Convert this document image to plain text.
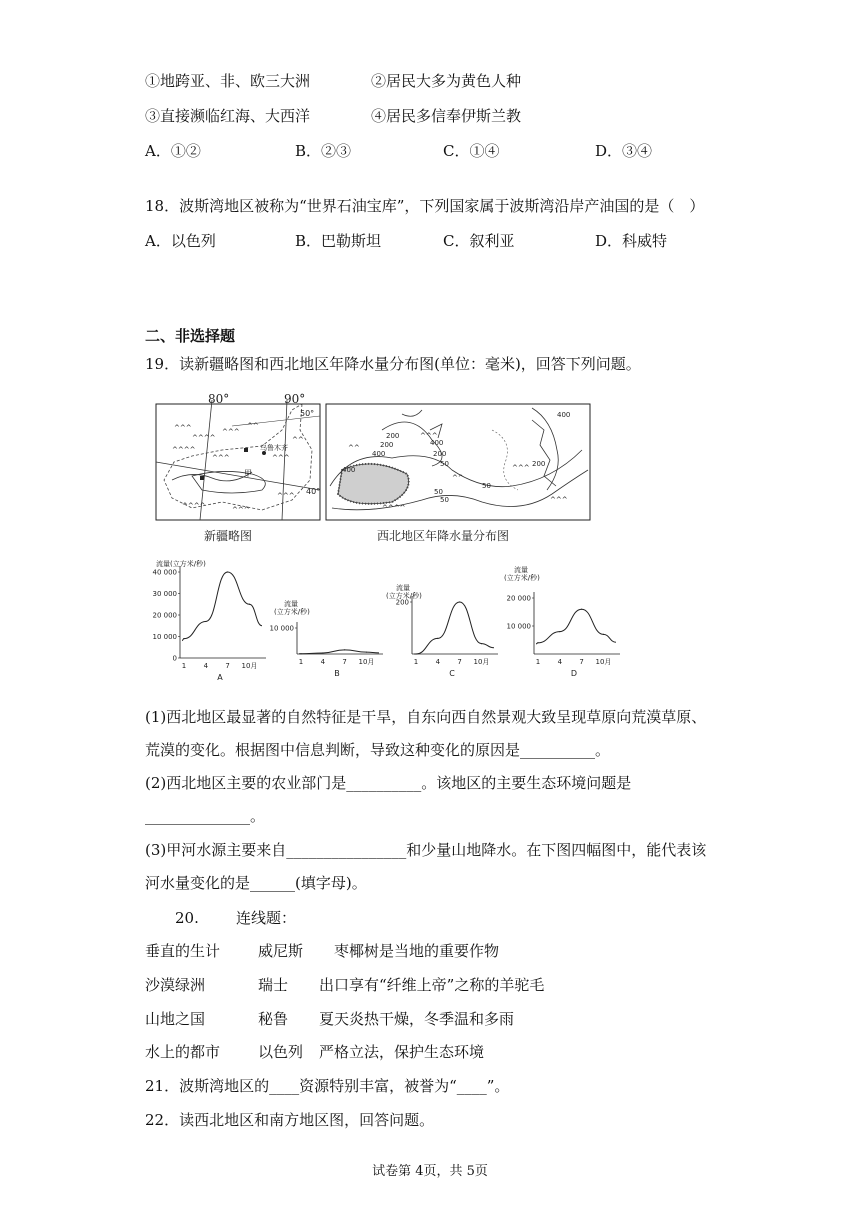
①地跨亚、非、欧三大洲	②居民大多为黄色人种
③直接濒临红海、大西洋	④居民多信奉伊斯兰教
A．①②	B．②③	C．①④	D．③④
18．波斯湾地区被称为“世界石油宝库”，下列国家属于波斯湾沿岸产油国的是（　）
A．以色列	B．巴勒斯坦	C．叙利亚	D．科威特
二、非选择题
19．读新疆略图和西北地区年降水量分布图(单位：毫米)，回答下列问题。
^^^
^^^^
^^^
^^
^^^^
^^^	^^^
^^^^	^^^
^^^
^^
80°	90°
50°
40°
乌鲁木齐
甲
新疆略图
^^^
^^
^^^^
^^^
^^^
^^
400
200
200	400
400	200
50
50
400
50
50
200
西北地区年降水量分布图
流量(立方米/秒)
0
10 000
20 000
30 000
40 000
1 4 7 10月
A
流量
(立方米/秒)
10 000
1 4 7 10月
B
流量
(立方米/秒)
200
1 4 7 10月
C
流量
(立方米/秒)
10 000
20 000
1 4 7 10月
D
(1)西北地区最显著的自然特征是干旱，自东向西自然景观大致呈现草原向荒漠草原、
荒漠的变化。根据图中信息判断，导致这种变化的原因是__________。
(2)西北地区主要的农业部门是__________。该地区的主要生态环境问题是
______________。
(3)甲河水源主要来自________________和少量山地降水。在下图四幅图中，能代表该
河水量变化的是______(填字母)。
20. 连线题：
垂直的生计	威尼斯 枣椰树是当地的重要作物
沙漠绿洲	瑞士 出口享有“纤维上帝”之称的羊驼毛
山地之国	秘鲁 夏天炎热干燥，冬季温和多雨
水上的都市	以色列 严格立法，保护生态环境
21．波斯湾地区的____资源特别丰富，被誉为“____”。
22．读西北地区和南方地区图，回答问题。
试卷第 4页，共 5页
